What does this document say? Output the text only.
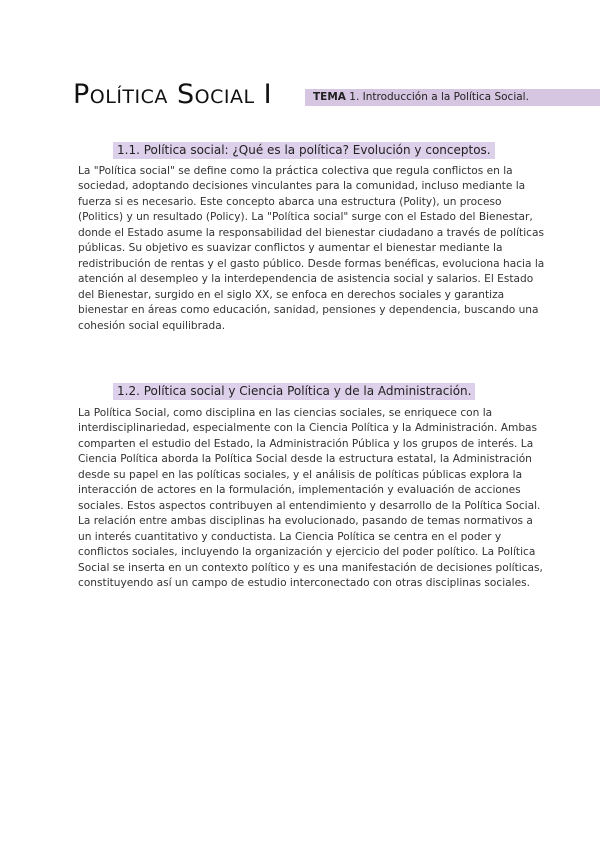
Política Social I	TEMA 1. Introducción a la Política Social.
1.1. Política social: ¿Qué es la política? Evolución y conceptos.
La "Política social" se define como la práctica colectiva que regula conflictos en la sociedad, adoptando decisiones vinculantes para la comunidad, incluso mediante la fuerza si es necesario. Este concepto abarca una estructura (Polity), un proceso (Politics) y un resultado (Policy). La "Política social" surge con el Estado del Bienestar, donde el Estado asume la responsabilidad del bienestar ciudadano a través de políticas públicas. Su objetivo es suavizar conflictos y aumentar el bienestar mediante la redistribución de rentas y el gasto público. Desde formas benéficas, evoluciona hacia la atención al desempleo y la interdependencia de asistencia social y salarios. El Estado del Bienestar, surgido en el siglo XX, se enfoca en derechos sociales y garantiza bienestar en áreas como educación, sanidad, pensiones y dependencia, buscando una cohesión social equilibrada.
1.2. Política social y Ciencia Política y de la Administración.
La Política Social, como disciplina en las ciencias sociales, se enriquece con la interdisciplinariedad, especialmente con la Ciencia Política y la Administración. Ambas comparten el estudio del Estado, la Administración Pública y los grupos de interés. La Ciencia Política aborda la Política Social desde la estructura estatal, la Administración desde su papel en las políticas sociales, y el análisis de políticas públicas explora la interacción de actores en la formulación, implementación y evaluación de acciones sociales. Estos aspectos contribuyen al entendimiento y desarrollo de la Política Social. La relación entre ambas disciplinas ha evolucionado, pasando de temas normativos a un interés cuantitativo y conductista. La Ciencia Política se centra en el poder y conflictos sociales, incluyendo la organización y ejercicio del poder político. La Política Social se inserta en un contexto político y es una manifestación de decisiones políticas, constituyendo así un campo de estudio interconectado con otras disciplinas sociales.
